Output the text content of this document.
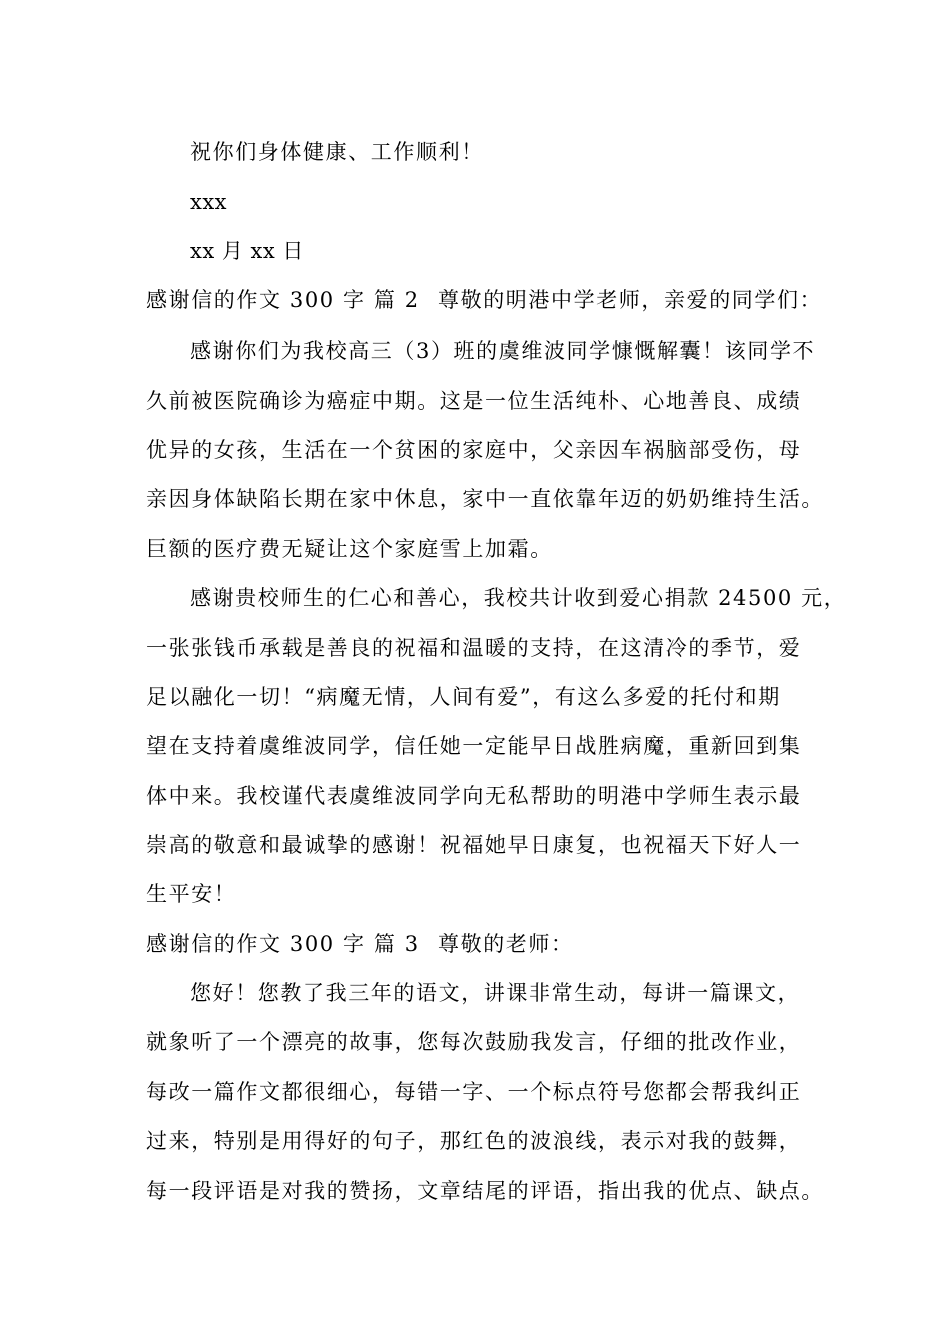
祝你们身体健康、工作顺利！
xxx
xx 月 xx 日
感谢信的作文 300 字 篇 2 尊敬的明港中学老师，亲爱的同学们：
感谢你们为我校高三（3）班的虞维波同学慷慨解囊！该同学不
久前被医院确诊为癌症中期。这是一位生活纯朴、心地善良、成绩
优异的女孩，生活在一个贫困的家庭中，父亲因车祸脑部受伤，母
亲因身体缺陷长期在家中休息，家中一直依靠年迈的奶奶维持生活。
巨额的医疗费无疑让这个家庭雪上加霜。
感谢贵校师生的仁心和善心，我校共计收到爱心捐款 24500 元，
一张张钱币承载是善良的祝福和温暖的支持，在这清冷的季节，爱
足以融化一切！“病魔无情，人间有爱”，有这么多爱的托付和期
望在支持着虞维波同学，信任她一定能早日战胜病魔，重新回到集
体中来。我校谨代表虞维波同学向无私帮助的明港中学师生表示最
崇高的敬意和最诚挚的感谢！祝福她早日康复，也祝福天下好人一
生平安！
感谢信的作文 300 字 篇 3 尊敬的老师：
您好！您教了我三年的语文，讲课非常生动，每讲一篇课文，
就象听了一个漂亮的故事，您每次鼓励我发言，仔细的批改作业，
每改一篇作文都很细心，每错一字、一个标点符号您都会帮我纠正
过来，特别是用得好的句子，那红色的波浪线，表示对我的鼓舞，
每一段评语是对我的赞扬，文章结尾的评语，指出我的优点、缺点。
